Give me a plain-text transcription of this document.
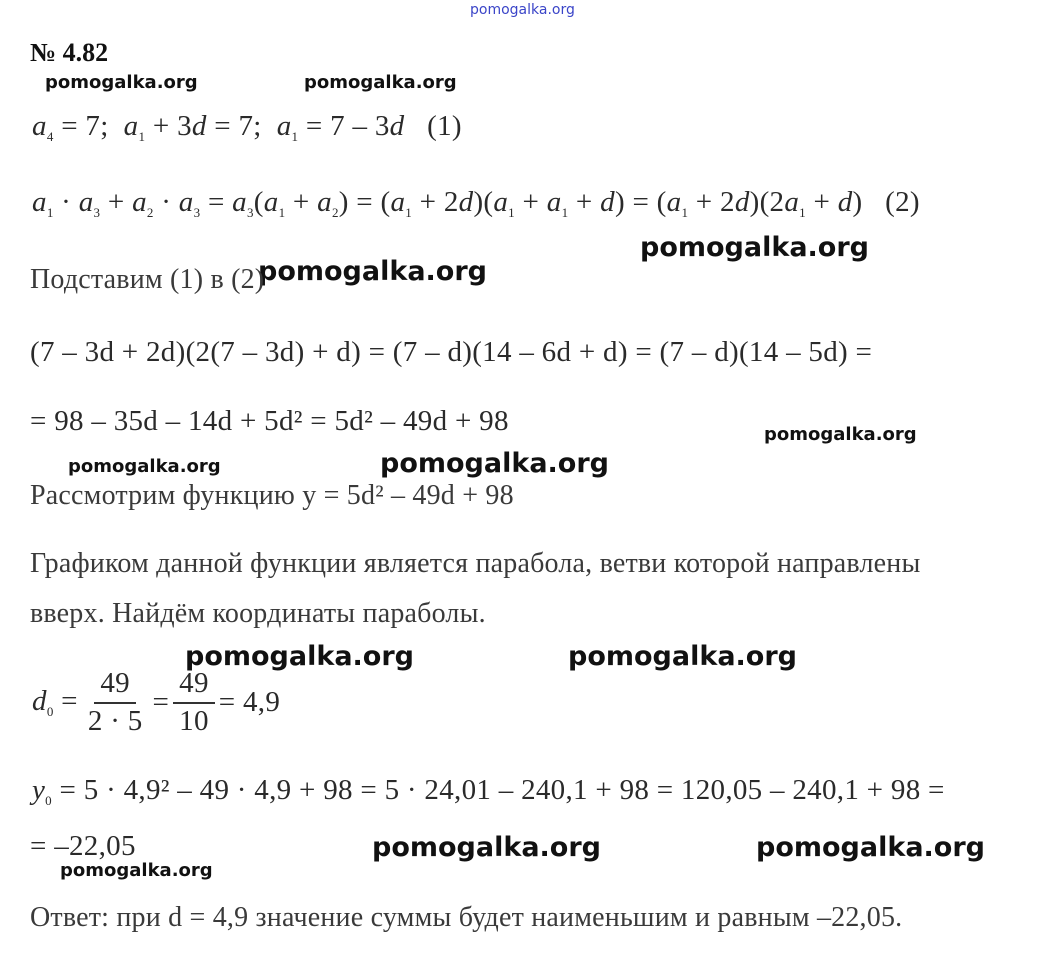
pomogalka.org
№ 4.82
pomogalka.org	pomogalka.org
pomogalka.org
pomogalka.org
pomogalka.org
pomogalka.org	pomogalka.org
pomogalka.org	pomogalka.org
pomogalka.org	pomogalka.org
pomogalka.org
$a_4 = 7$; $a_1 + 3d = 7$; $a_1 = 7 - 3d$ (1)
$a_1 \cdot a_3 + a_2 \cdot a_3 = a_3(a_1 + a_2) = (a_1 + 2d)(a_1 + a_1 + d) = (a_1 + 2d)(2a_1 + d)$   (2)
Подставим (1) в (2)
(7 – 3d + 2d)(2(7 – 3d) + d) = (7 – d)(14 – 6d + d) = (7 – d)(14 – 5d) =
= 98 – 35d – 14d + 5d² = 5d² – 49d + 98
Рассмотрим функцию y = 5d² – 49d + 98
Графиком данной функции является парабола, ветви которой направлены
вверх. Найдём координаты параболы.
$d_0 = \frac{49}{2 \cdot 5} = \frac{49}{10} = 4,9$
$y_0 = 5 \cdot 4,9^2 - 49 \cdot 4,9 + 98 = 5 \cdot 24,01 - 240,1 + 98 = 120,05 - 240,1 + 98$ =
= –22,05
Ответ: при d = 4,9 значение суммы будет наименьшим и равным –22,05.
